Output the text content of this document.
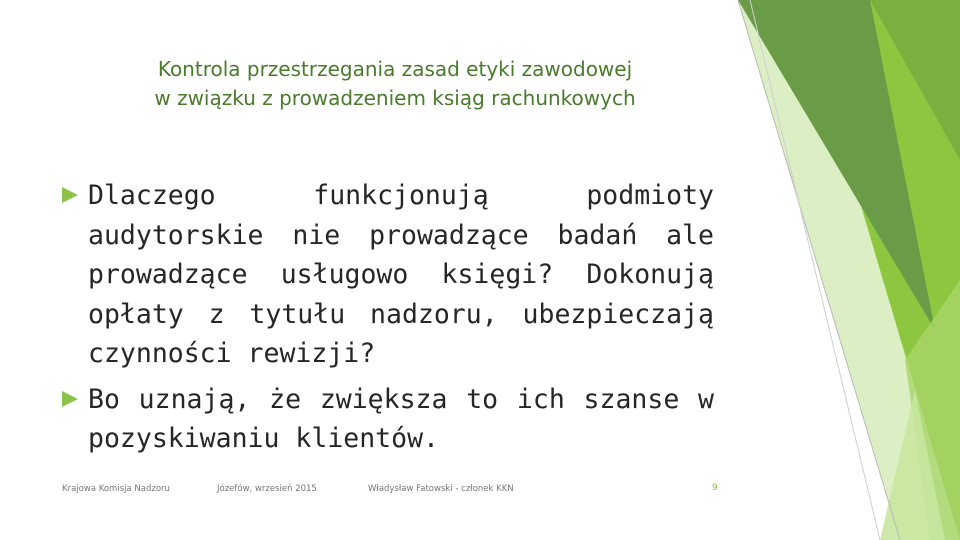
Kontrola przestrzegania zasad etyki zawodowej
w związku z prowadzeniem ksiąg rachunkowych
Dlaczego funkcjonują podmioty audytorskie nie prowadzące badań ale prowadzące usługowo księgi? Dokonują opłaty z tytułu nadzoru, ubezpieczają czynności rewizji?
Bo uznają, że zwiększa to ich szanse w pozyskiwaniu klientów.
Krajowa Komisja Nadzoru	Józefów, wrzesień 2015	Władysław Fatowski - członek KKN	9
